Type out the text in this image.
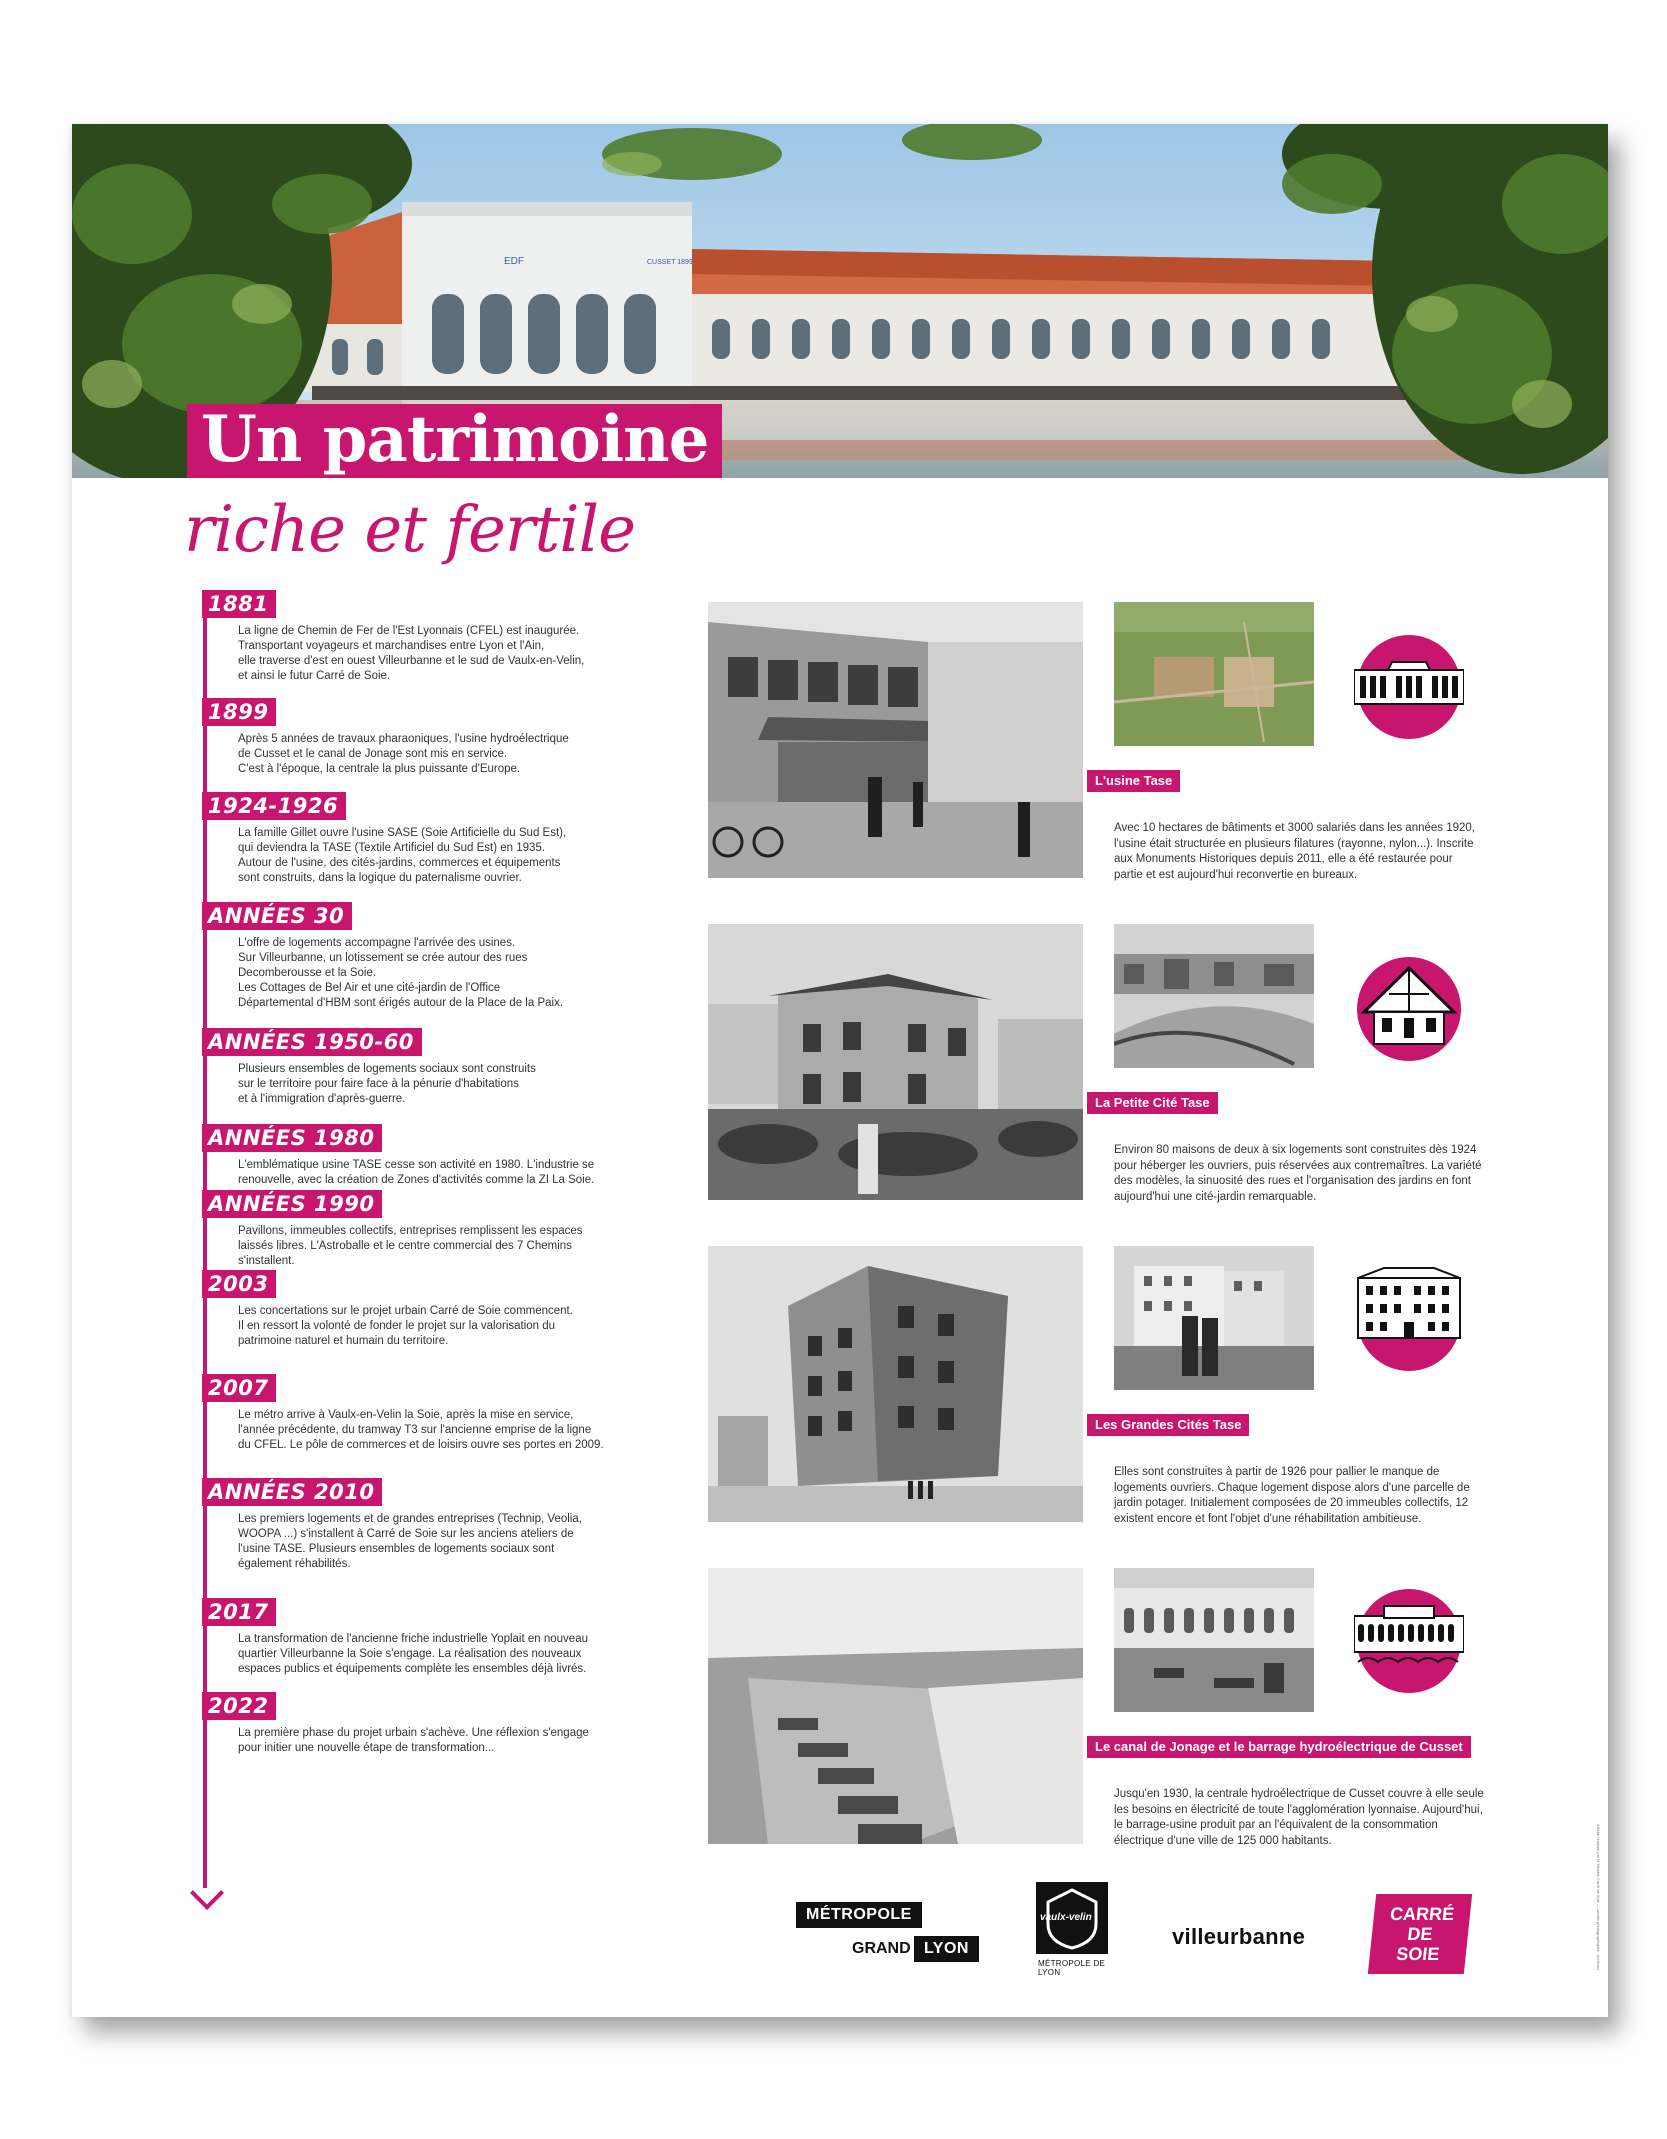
EDF	CUSSET 1899
Un patrimoine
riche et fertile
1881
La ligne de Chemin de Fer de l'Est Lyonnais (CFEL) est inaugurée.
Transportant voyageurs et marchandises entre Lyon et l'Ain,
elle traverse d'est en ouest Villeurbanne et le sud de Vaulx-en-Velin,
et ainsi le futur Carré de Soie.
1899
Après 5 années de travaux pharaoniques, l'usine hydroélectrique
de Cusset et le canal de Jonage sont mis en service.
C'est à l'époque, la centrale la plus puissante d'Europe.
1924-1926
La famille Gillet ouvre l'usine SASE (Soie Artificielle du Sud Est),
qui deviendra la TASE (Textile Artificiel du Sud Est) en 1935.
Autour de l'usine, des cités-jardins, commerces et équipements
sont construits, dans la logique du paternalisme ouvrier.
ANNÉES 30
L'offre de logements accompagne l'arrivée des usines.
Sur Villeurbanne, un lotissement se crée autour des rues
Decomberousse et la Soie.
Les Cottages de Bel Air et une cité-jardin de l'Office
Départemental d'HBM sont érigés autour de la Place de la Paix.
ANNÉES 1950-60
Plusieurs ensembles de logements sociaux sont construits
sur le territoire pour faire face à la pénurie d'habitations
et à l'immigration d'après-guerre.
ANNÉES 1980
L'emblématique usine TASE cesse son activité en 1980. L'industrie se
renouvelle, avec la création de Zones d'activités comme la ZI La Soie.
ANNÉES 1990
Pavillons, immeubles collectifs, entreprises remplissent les espaces
laissés libres. L'Astroballe et le centre commercial des 7 Chemins
s'installent.
2003
Les concertations sur le projet urbain Carré de Soie commencent.
Il en ressort la volonté de fonder le projet sur la valorisation du
patrimoine naturel et humain du territoire.
2007
Le métro arrive à Vaulx-en-Velin la Soie, après la mise en service,
l'année précédente, du tramway T3 sur l'ancienne emprise de la ligne
du CFEL. Le pôle de commerces et de loisirs ouvre ses portes en 2009.
ANNÉES 2010
Les premiers logements et de grandes entreprises (Technip, Veolia,
WOOPA ...) s'installent à Carré de Soie sur les anciens ateliers de
l'usine TASE. Plusieurs ensembles de logements sociaux sont
également réhabilités.
2017
La transformation de l'ancienne friche industrielle Yoplait en nouveau
quartier Villeurbanne la Soie s'engage. La réalisation des nouveaux
espaces publics et équipements complète les ensembles déjà livrés.
2022
La première phase du projet urbain s'achève. Une réflexion s'engage
pour initier une nouvelle étape de transformation...
L'usine Tase
Avec 10 hectares de bâtiments et 3000 salariés dans les années 1920, l'usine était structurée en plusieurs filatures (rayonne, nylon...). Inscrite aux Monuments Historiques depuis 2011, elle a été restaurée pour partie et est aujourd'hui reconvertie en bureaux.
La Petite Cité Tase
Environ 80 maisons de deux à six logements sont construites dès 1924 pour héberger les ouvriers, puis réservées aux contremaîtres. La variété des modèles, la sinuosité des rues et l'organisation des jardins en font aujourd'hui une cité-jardin remarquable.
Les Grandes Cités Tase
Elles sont construites à partir de 1926 pour pallier le manque de logements ouvriers. Chaque logement dispose alors d'une parcelle de jardin potager. Initialement composées de 20 immeubles collectifs, 12 existent encore et font l'objet d'une réhabilitation ambitieuse.
Le canal de Jonage et le barrage hydroélectrique de Cusset
Jusqu'en 1930, la centrale hydroélectrique de Cusset couvre à elle seule les besoins en électricité de toute l'agglomération lyonnaise. Aujourd'hui, le barrage-usine produit par an l'équivalent de la consommation électrique d'une ville de 125 000 habitants.
MÉTROPOLE
GRAND LYON
vaulx-velin
MÉTROPOLE DE LYON
villeurbanne
CARRÉ
DE SOIE	Affiche réalisée par la Mission Carré de Soie — crédits photographiques : Archives
